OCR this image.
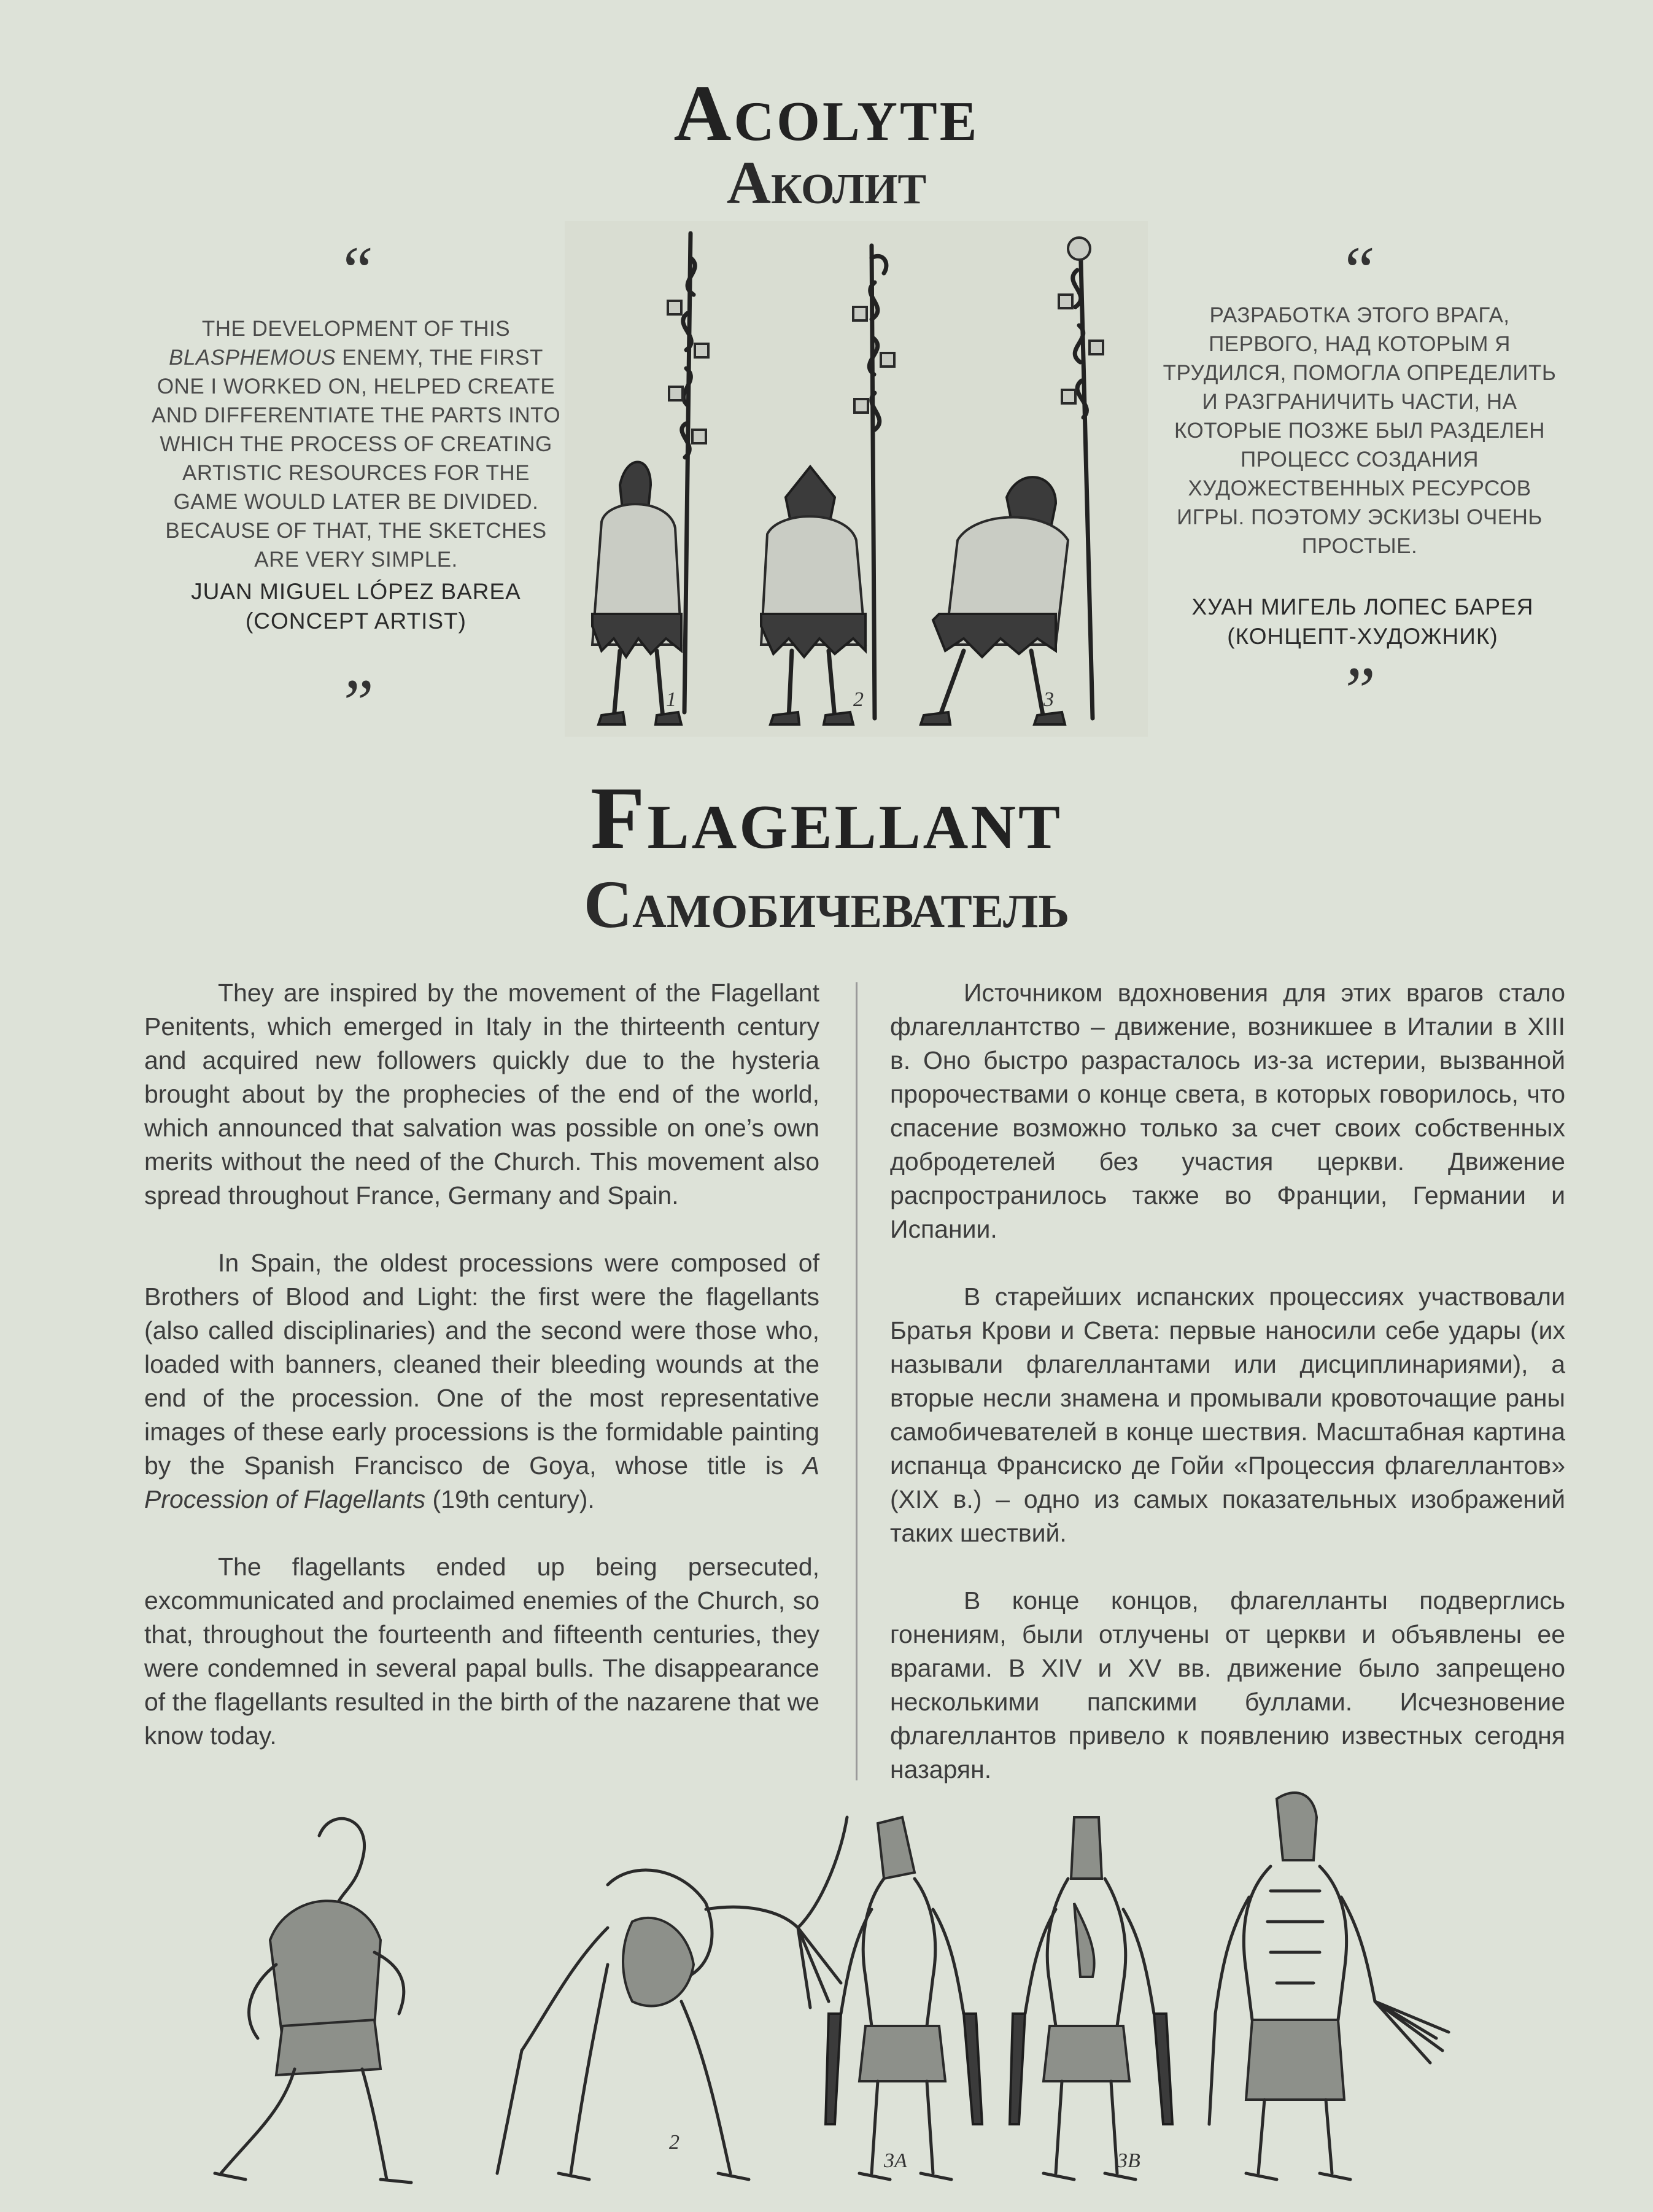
Acolyte
Аколит
“
THE DEVELOPMENT OF THIS BLASPHEMOUS ENEMY, THE FIRST ONE I WORKED ON, HELPED CREATE AND DIFFERENTIATE THE PARTS INTO WHICH THE PROCESS OF CREATING ARTISTIC RESOURCES FOR THE GAME WOULD LATER BE DIVIDED. BECAUSE OF THAT, THE SKETCHES ARE VERY SIMPLE.
JUAN MIGUEL LÓPEZ BAREA
(CONCEPT ARTIST)
”
“
РАЗРАБОТКА ЭТОГО ВРАГА, ПЕРВОГО, НАД КОТОРЫМ Я ТРУДИЛСЯ, ПОМОГЛА ОПРЕДЕЛИТЬ И РАЗГРАНИЧИТЬ ЧАСТИ, НА КОТОРЫЕ ПОЗЖЕ БЫЛ РАЗДЕЛЕН ПРОЦЕСС СОЗДАНИЯ ХУДОЖЕСТВЕННЫХ РЕСУРСОВ ИГРЫ. ПОЭТОМУ ЭСКИЗЫ ОЧЕНЬ ПРОСТЫЕ.
ХУАН МИГЕЛЬ ЛОПЕС БАРЕЯ
(КОНЦЕПТ-ХУДОЖНИК)
”
1	2	3
Flagellant
Самобичеватель

They are inspired by the movement of the Flagellant Penitents, which emerged in Italy in the thirteenth century and acquired new followers quickly due to the hysteria brought about by the prophecies of the end of the world, which announced that salvation was possible on one’s own merits without the need of the Church. This movement also spread throughout France, Germany and Spain.

In Spain, the oldest processions were composed of Brothers of Blood and Light: the first were the flagellants (also called disciplinaries) and the second were those who, loaded with banners, cleaned their bleeding wounds at the end of the procession. One of the most representative images of these early processions is the formidable painting by the Spanish Francisco de Goya, whose title is A Procession of Flagellants (19th century).

The flagellants ended up being persecuted, excommunicated and proclaimed enemies of the Church, so that, throughout the fourteenth and fifteenth centuries, they were condemned in several papal bulls. The disappearance of the flagellants resulted in the birth of the nazarene that we know today.

Источником вдохновения для этих врагов стало флагеллантство – движение, возникшее в Италии в XIII в. Оно быстро разрасталось из-за истерии, вызванной пророчествами о конце света, в которых говорилось, что спасение возможно только за счет своих собственных добродетелей без участия церкви. Движение распространилось также во Франции, Германии и Испании.

В старейших испанских процессиях участвовали Братья Крови и Света: первые наносили себе удары (их называли флагеллантами или дисциплинариями), а вторые несли знамена и промывали кровоточащие раны самобичевателей в конце шествия. Масштабная картина испанца Франсиско де Гойи «Процессия флагеллантов» (XIX в.) – одно из самых показательных изображений таких шествий.

В конце концов, флагелланты подверглись гонениям, были отлучены от церкви и объявлены ее врагами. В XIV и XV вв. движение было запрещено несколькими папскими буллами. Исчезновение флагеллантов привело к появлению известных сегодня назарян.

2
3A	3B
